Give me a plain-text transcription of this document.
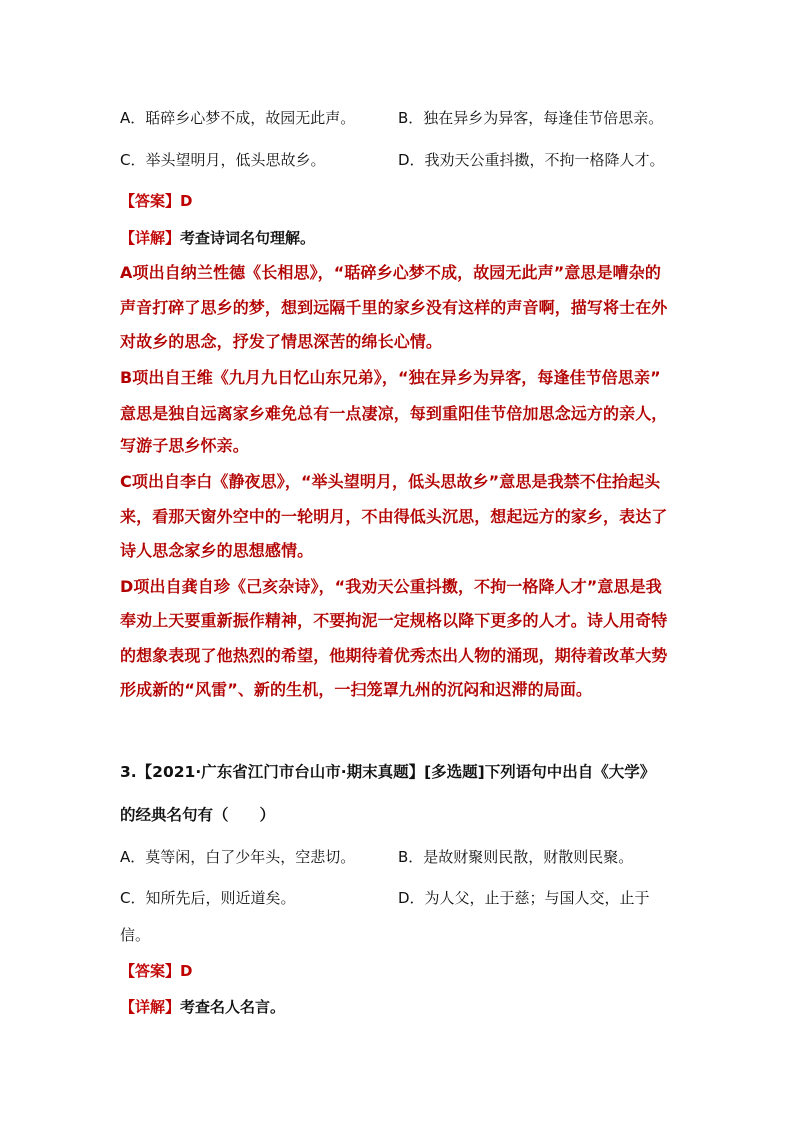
A．聒碎乡心梦不成，故园无此声。	B．独在异乡为异客，每逢佳节倍思亲。
C．举头望明月，低头思故乡。	D．我劝天公重抖擞，不拘一格降人才。
【答案】D
【详解】考查诗词名句理解。
A项出自纳兰性德《长相思》，“聒碎乡心梦不成，故园无此声”意思是嘈杂的
声音打碎了思乡的梦，想到远隔千里的家乡没有这样的声音啊，描写将士在外
对故乡的思念，抒发了情思深苦的绵长心情。
B项出自王维《九月九日忆山东兄弟》，“独在异乡为异客，每逢佳节倍思亲”
意思是独自远离家乡难免总有一点凄凉，每到重阳佳节倍加思念远方的亲人，
写游子思乡怀亲。
C项出自李白《静夜思》，“举头望明月，低头思故乡”意思是我禁不住抬起头
来，看那天窗外空中的一轮明月，不由得低头沉思，想起远方的家乡，表达了
诗人思念家乡的思想感情。
D项出自龚自珍《己亥杂诗》，“我劝天公重抖擞，不拘一格降人才”意思是我
奉劝上天要重新振作精神，不要拘泥一定规格以降下更多的人才。诗人用奇特
的想象表现了他热烈的希望，他期待着优秀杰出人物的涌现，期待着改革大势
形成新的“风雷”、新的生机，一扫笼罩九州的沉闷和迟滞的局面。
3.【2021·广东省江门市台山市·期末真题】[多选题]下列语句中出自《大学》
的经典名句有（　　）
A．莫等闲，白了少年头，空悲切。	B．是故财聚则民散，财散则民聚。
C．知所先后，则近道矣。	D．为人父，止于慈；与国人交，止于
信。
【答案】D
【详解】考查名人名言。
